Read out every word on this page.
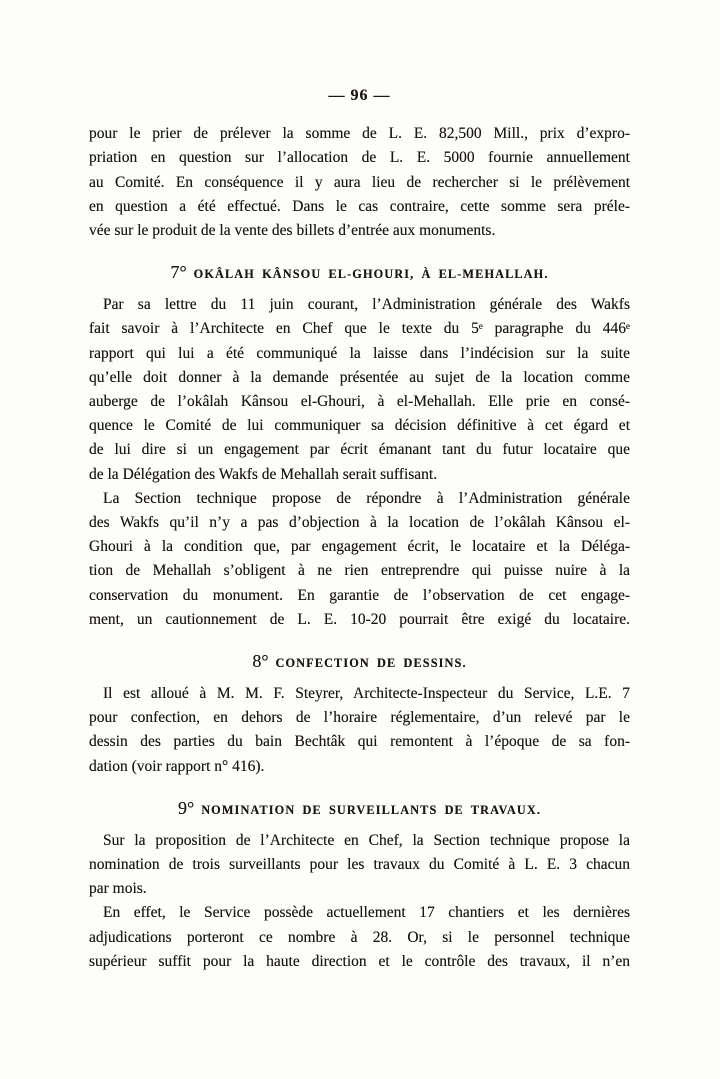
— 96 —
pour le prier de prélever la somme de L. E. 82,500 Mill., prix d’expro-
priation en question sur l’allocation de L. E. 5000 fournie annuellement
au Comité. En conséquence il y aura lieu de rechercher si le prélèvement
en question a été effectué. Dans le cas contraire, cette somme sera préle-
vée sur le produit de la vente des billets d’entrée aux monuments.
7° OKÂLAH KÂNSOU EL-GHOURI, À EL-MEHALLAH.
Par sa lettre du 11 juin courant, l’Administration générale des Wakfs
fait savoir à l’Architecte en Chef que le texte du 5ᵉ paragraphe du 446ᵉ
rapport qui lui a été communiqué la laisse dans l’indécision sur la suite
qu’elle doit donner à la demande présentée au sujet de la location comme
auberge de l’okâlah Kânsou el-Ghouri, à el-Mehallah. Elle prie en consé-
quence le Comité de lui communiquer sa décision définitive à cet égard et
de lui dire si un engagement par écrit émanant tant du futur locataire que
de la Délégation des Wakfs de Mehallah serait suffisant.
La Section technique propose de répondre à l’Administration générale
des Wakfs qu’il n’y a pas d’objection à la location de l’okâlah Kânsou el-
Ghouri à la condition que, par engagement écrit, le locataire et la Déléga-
tion de Mehallah s’obligent à ne rien entreprendre qui puisse nuire à la
conservation du monument. En garantie de l’observation de cet engage-
ment, un cautionnement de L. E. 10-20 pourrait être exigé du locataire.
8° CONFECTION DE DESSINS.
Il est alloué à M. M. F. Steyrer, Architecte-Inspecteur du Service, L.E. 7
pour confection, en dehors de l’horaire réglementaire, d’un relevé par le
dessin des parties du bain Bechtâk qui remontent à l’époque de sa fon-
dation (voir rapport n° 416).
9° NOMINATION DE SURVEILLANTS DE TRAVAUX.
Sur la proposition de l’Architecte en Chef, la Section technique propose la
nomination de trois surveillants pour les travaux du Comité à L. E. 3 chacun
par mois.
En effet, le Service possède actuellement 17 chantiers et les dernières
adjudications porteront ce nombre à 28. Or, si le personnel technique
supérieur suffit pour la haute direction et le contrôle des travaux, il n’en
